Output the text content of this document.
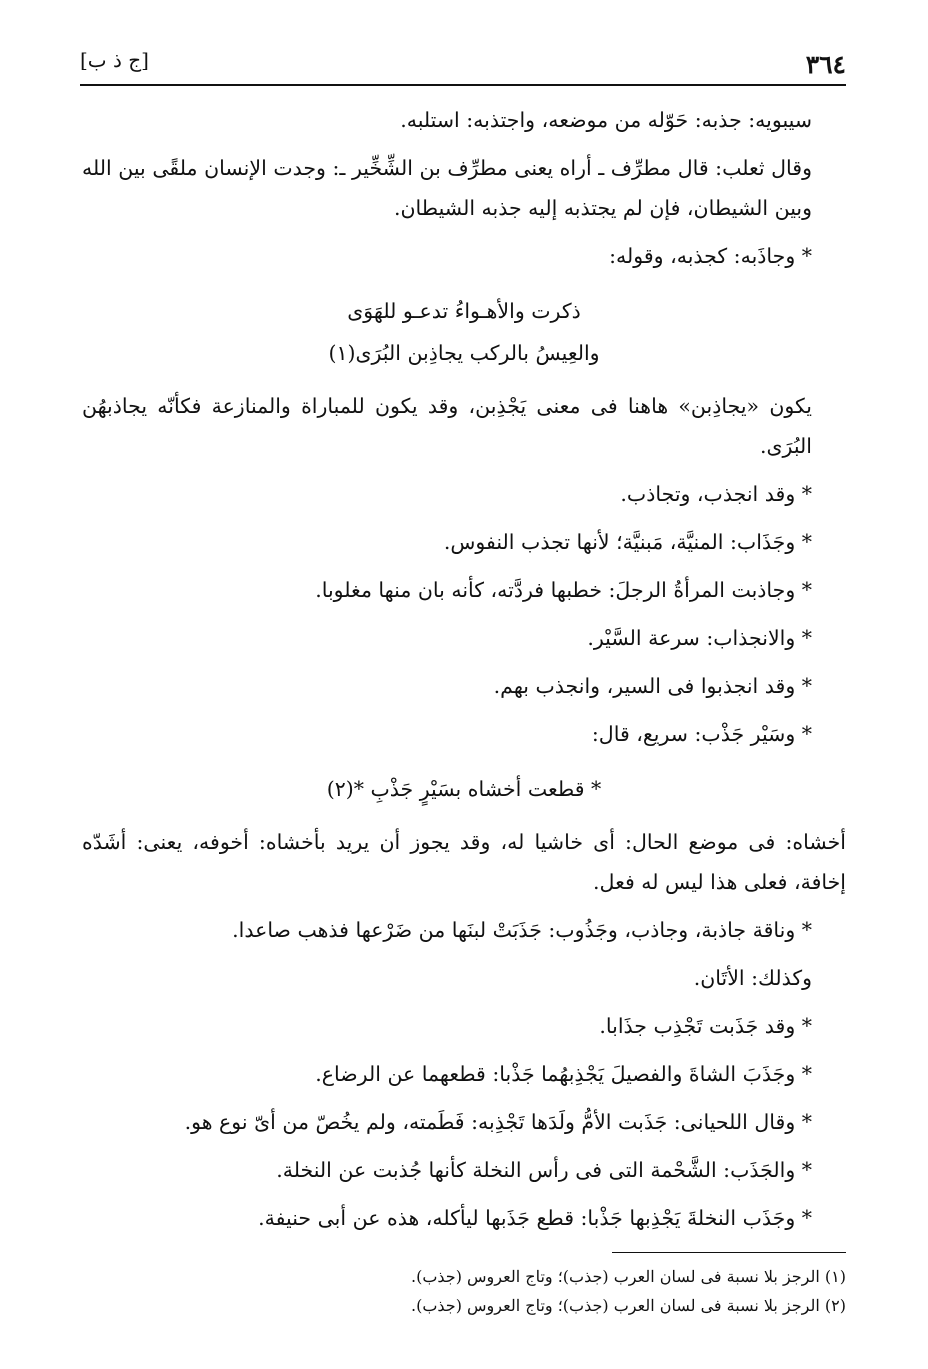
٣٦٤
[ج ذ ب]

سيبويه: جذبه: حَوّله من موضعه، واجتذبه: استلبه.

وقال ثعلب: قال مطرِّف ـ أراه يعنى مطرِّف بن الشِّخِّير ـ: وجدت الإنسان ملقًى بين الله وبين الشيطان، فإن لم يجتذبه إليه جذبه الشيطان.

* وجاذَبه: كجذبه، وقوله:

ذكرت والأهـواءُ تدعـو للهَوَى
والعِيسُ بالركب يجاذِبن البُرَى(١)

يكون «يجاذِبن» هاهنا فى معنى يَجْذِبن، وقد يكون للمباراة والمنازعة فكأنّه يجاذبهُن البُرَى.

* وقد انجذب، وتجاذب.

* وجَذَاب: المنيَّة، مَبنيَّة؛ لأنها تجذب النفوس.

* وجاذبت المرأةُ الرجلَ: خطبها فردَّته، كأنه بان منها مغلوبا.

* والانجذاب: سرعة السَّيْر.

* وقد انجذبوا فى السير، وانجذب بهم.

* وسَيْر جَذْب: سريع، قال:

* قطعت أخشاه بسَيْرٍ جَذْبِ *(٢)

أخشاه: فى موضع الحال: أى خاشيا له، وقد يجوز أن يريد بأخشاه: أخوفه، يعنى: أشَدّه إخافة، فعلى هذا ليس له فعل.

* وناقة جاذبة، وجاذب، وجَذُوب: جَذَبَتْ لبنَها من ضَرْعها فذهب صاعدا.

وكذلك: الأتَان.

* وقد جَذَبت تَجْذِب جذَابا.

* وجَذَبَ الشاةَ والفصيلَ يَجْذِبهُما جَذْبا: قطعهما عن الرضاع.

* وقال اللحيانى: جَذَبت الأمُّ ولَدَها تَجْذِبه: فَطَمته، ولم يخُصّ من أىّ نوع هو.

* والجَذَب: الشَّحْمة التى فى رأس النخلة كأنها جُذبت عن النخلة.

* وجَذَب النخلةَ يَجْذِبها جَذْبا: قطع جَذَبها ليأكله، هذه عن أبى حنيفة.

(١) الرجز بلا نسبة فى لسان العرب (جذب)؛ وتاج العروس (جذب).
(٢) الرجز بلا نسبة فى لسان العرب (جذب)؛ وتاج العروس (جذب).
